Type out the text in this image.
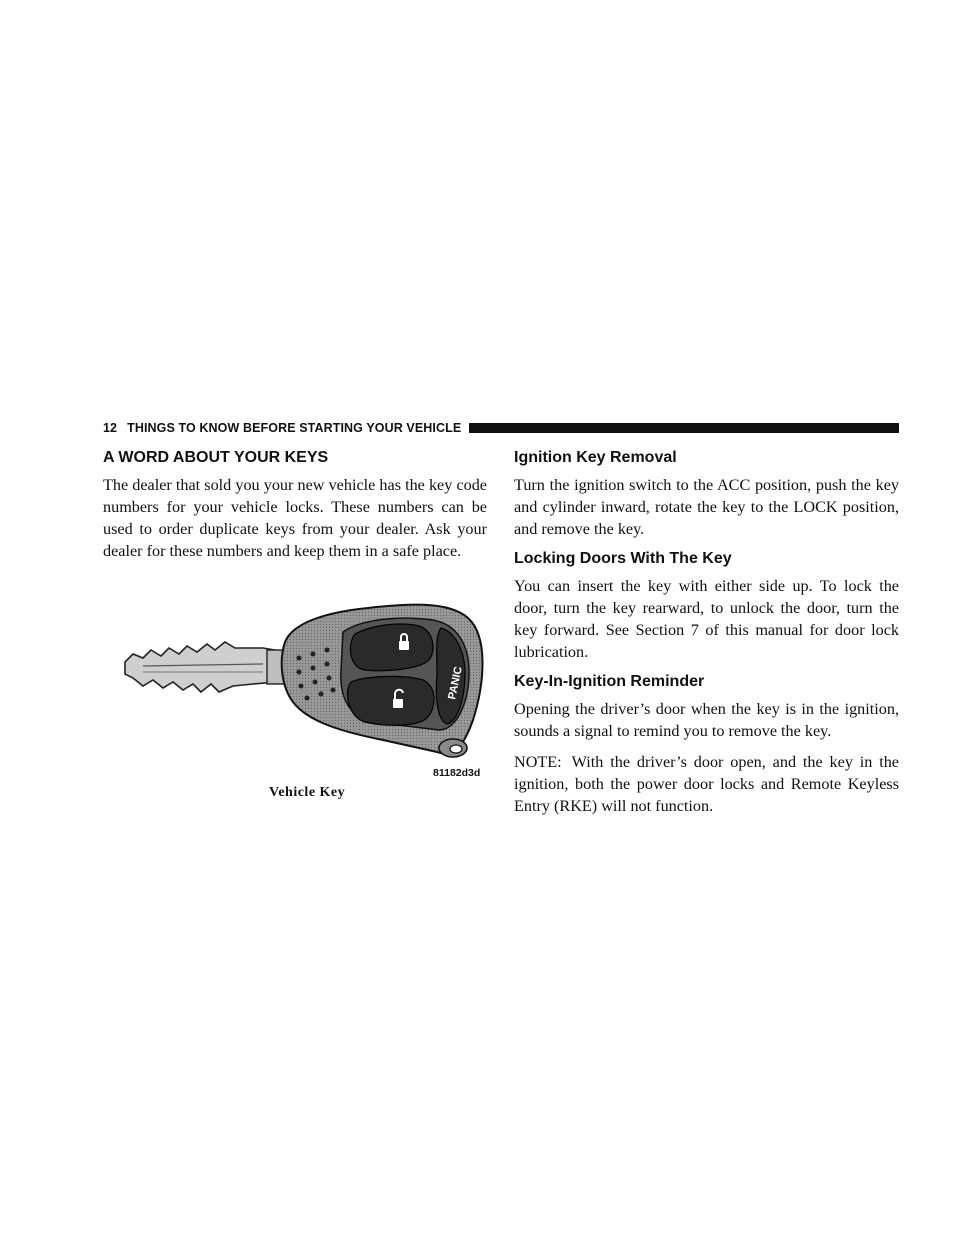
12 THINGS TO KNOW BEFORE STARTING YOUR VEHICLE
A WORD ABOUT YOUR KEYS

The dealer that sold you your new vehicle has the key code numbers for your vehicle locks. These numbers can be used to order duplicate keys from your dealer. Ask your dealer for these numbers and keep them in a safe place.

PANIC
81182d3d
Vehicle Key
Ignition Key Removal

Turn the ignition switch to the ACC position, push the key and cylinder inward, rotate the key to the LOCK position, and remove the key.

Locking Doors With The Key

You can insert the key with either side up. To lock the door, turn the key rearward, to unlock the door, turn the key forward. See Section 7 of this manual for door lock lubrication.

Key-In-Ignition Reminder

Opening the driver’s door when the key is in the ignition, sounds a signal to remind you to remove the key.

NOTE: With the driver’s door open, and the key in the ignition, both the power door locks and Remote Keyless Entry (RKE) will not function.
